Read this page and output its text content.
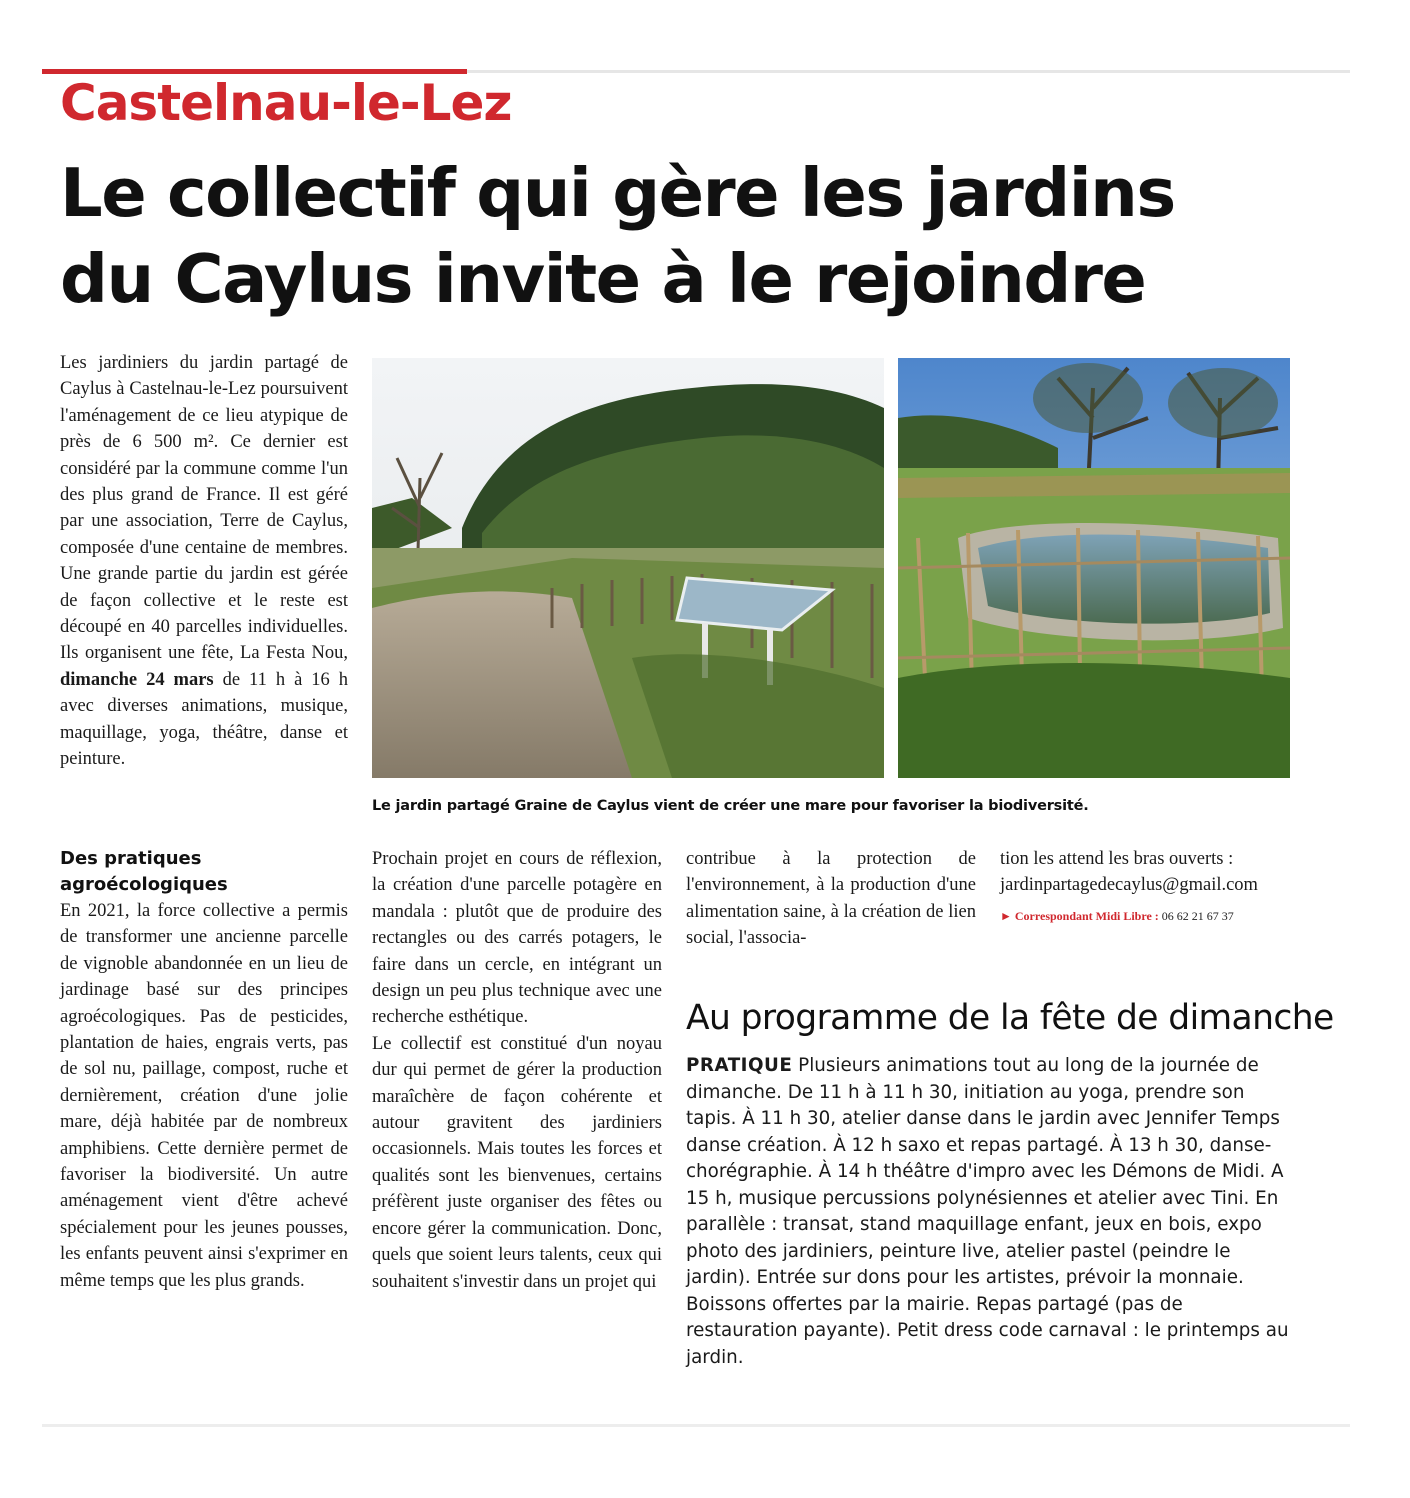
Castelnau-le-Lez
Le collectif qui gère les jardins
du Caylus invite à le rejoindre
Les jardiniers du jardin partagé de Caylus à Castelnau-le-Lez poursuivent l'aménagement de ce lieu atypique de près de 6 500 m². Ce dernier est considéré par la commune comme l'un des plus grand de France. Il est géré par une association, Terre de Caylus, composée d'une centaine de membres. Une grande partie du jardin est gérée de façon collective et le reste est découpé en 40 parcelles individuelles. Ils organisent une fête, La Festa Nou, dimanche 24 mars de 11 h à 16 h avec diverses animations, musique, maquillage, yoga, théâtre, danse et peinture.
Le jardin partagé Graine de Caylus vient de créer une mare pour favoriser la biodiversité.
Des pratiques agroécologiques
En 2021, la force collective a permis de transformer une ancienne parcelle de vignoble abandonnée en un lieu de jardinage basé sur des principes agroécologiques. Pas de pesticides, plantation de haies, engrais verts, pas de sol nu, paillage, compost, ruche et dernièrement, création d'une jolie mare, déjà habitée par de nombreux amphibiens. Cette dernière permet de favoriser la biodiversité. Un autre aménagement vient d'être achevé spécialement pour les jeunes pousses, les enfants peuvent ainsi s'exprimer en même temps que les plus grands.
Prochain projet en cours de réflexion, la création d'une parcelle potagère en mandala : plutôt que de produire des rectangles ou des carrés potagers, le faire dans un cercle, en intégrant un design un peu plus technique avec une recherche esthétique.
Le collectif est constitué d'un noyau dur qui permet de gérer la production maraîchère de façon cohérente et autour gravitent des jardiniers occasionnels. Mais toutes les forces et qualités sont les bienvenues, certains préfèrent juste organiser des fêtes ou encore gérer la communication. Donc, quels que soient leurs talents, ceux qui souhaitent s'investir dans un projet qui
contribue à la protection de l'environnement, à la production d'une alimentation saine, à la création de lien social, l'associa-
tion les attend les bras ouverts : jardinpartagedecaylus@gmail.com
► Correspondant Midi Libre : 06 62 21 67 37
Au programme de la fête de dimanche
PRATIQUE Plusieurs animations tout au long de la journée de dimanche. De 11 h à 11 h 30, initiation au yoga, prendre son tapis. À 11 h 30, atelier danse dans le jardin avec Jennifer Temps danse création. À 12 h saxo et repas partagé. À 13 h 30, danse-chorégraphie. À 14 h théâtre d'impro avec les Démons de Midi. A 15 h, musique percussions polynésiennes et atelier avec Tini. En parallèle : transat, stand maquillage enfant, jeux en bois, expo photo des jardiniers, peinture live, atelier pastel (peindre le jardin). Entrée sur dons pour les artistes, prévoir la monnaie. Boissons offertes par la mairie. Repas partagé (pas de restauration payante). Petit dress code carnaval : le printemps au jardin.
